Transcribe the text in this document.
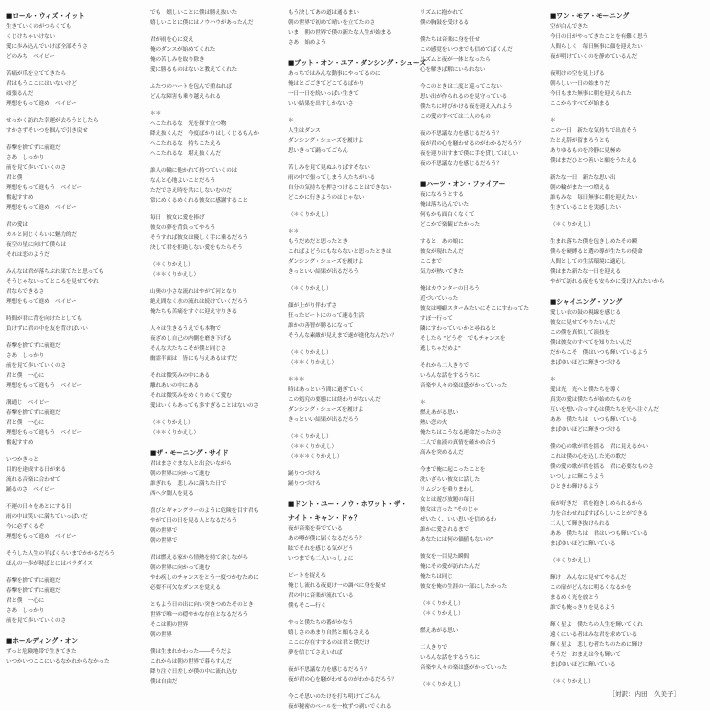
■ロール・ウィズ・イット
生きていくのがつらくても
くじけちゃいけない
愛に歩み込んでいけば全部そうさ
どのみち　ベイビー
苦痛が爪を立ててきたら
君はもうここにはいないけど
頑張るんだ
理想をもって進め　ベイビー
せっかく訪れた幸運が去ろうとしたら
すかさずそいつを掴んで引き戻せ
春撃を捨てずに前進だ
さあ　しっかり
前を見て歩いていくのさ
君と僕
理想をもって進もう　ベイビー
奮起すすめ
理想をもって進め　ベイビー
君の愛は
カルと同じくらいに魅力的だ
夜空の星に向けて僕らは
それは恋のようだ
みんなは君が落ちぶれ果てたと思っても
そうじゃないってところを見せてやれ
君ならできるさ
理想をもって進め　ベイビー
時間が君に背を向けたとしても
負けずに君の中を友を背けばいい
春撃を捨てずに前進だ
さあ　しっかり
前を見て歩いていくのさ
君と僕　一心に
理想をもって進もう　ベイビー
溝通じ　ベイビー
春撃を捨てずに前進だ
君と僕　一心に
理想をもって進もう　ベイビー
奮起すすめ
いつかきっと
目的を達成する日が来る
流れる音楽に合わせて
踊るのさ　ベイビー
不運の日々をあとにする日
雨の中は笑いに満ちていっぱいだ
今に必ずくるぞ
理想をもって進め　ベイビー
そうした人生の半ばくらいまでかかるだろう
ほんの一歩が時ばとにはパラダイス
春撃を捨てずに前進だ
春撃を捨てずに前進だ
君と僕　一心に
さあ　しっかり
前を見て歩いていくのさ
■ホールディング・オン
ずっと危険地帯で生きてきた
いつかいつここにいるなかれからなかった
でも　嬉しいことに僕は勝え抜いた
嬉しいことに僕にはノウハウがあったんだ
君が雨を心に変え
俺のダンスが始めてくれた
俺の苦しみを取り除き
愛に勝るものはないと教えてくれた
ふたつのハートを包んで重ねれば
どんな障害も乗り越えられる
＊＊
へこたれるな　光を探す立つ物
降え抜くんだ　今度ばかりはしくじるもんか
へこたれるな　持ちこたえろ
へこたれるな　堪え抜くんだ
誰人の輪に他かれて持つていくのは
なんと心地よいことだろう
ただでさえ時を共にしないむのだ
常にめくるめくれる彼女に感謝すること
毎日　彼女に愛を捧げ
彼女の夢を背負ってやろう
そうすれば彼女は優しく手に乗るだろう
決して君を拒絶しない愛をもたらそう
（＊くりかえし）
（＊＊くりかえし）
山奥の小さな流れはやがて河となり
絶え間なく水の流れは続けていくだろう
俺たちも苦痛をすぐに迎え守りきる
人々は生きるうえでも本物で
夜ざめし自己の内側を磨き下げる
そんな大たちこそが僕と同じさ
幽霊半面は　皆にも与えあるはずだ
それは微笑みの中にある
離れあいの中にある
それは微笑みをめくりめくて愛む
愛はいくらあっても多すぎることはないのさ
（＊くりかえし）
（＊＊くりかえし）
■ザ・モーニング・サイド
君はまさぐまな人と出会いながら
朝の世界に向かって進む
誰ぎれも　悲しみに満ちた日で
西へ夕闇人を見る
喜びとギャングラーのように危険を目す君も
やがて日の日を見る人となるだろう
朝の世界で
朝の世界で
君は燃える家から情熱を持て余しながら
朝の世界に向かって進む
やわ疾しのチャンスをとう一度つかむために
必要不可欠なダンスを覚える
ともよう日の出に向い突きつめたそのとき
世界で唯一の穏やかな存在となるだろう
そこは朝の世界
朝の世界
僕は生まれかわった――そうだよ
これからは朝の世界で暮らすんだ
降り注ぐ日差しが僕の中に流れ込む
僕は自由だ
もう決してあの道は通るまい
朝の世界で初めて晴いを立てたのさ
いま　朝の世界で僕の新たな人生が始まる
さあ　始めよう
■ブット・オン・ユア・ダンシング・シューズ
あっちではみんな動事にやってるのに
俺はとごごきてどこてるばかり
一日一日を続いっぱい生きて
いい結果を出すしかないさ
＊
人生はダンス
ダンシング・シューズを履けよ
思いきって踊ってごらん
苦しみを見て見ぬふりばすそない
雨の中で張ってしまう人たちがいる
自分の気持ちを押さつけることはできない
どこかに行きようのはじゃない
（＊くりかえし）
＊＊
もうだめだと思ったとき
こればよどうにもならないと思ったときは
ダンシング・シューズを履けよ
きっといい結果が出るだろう
（＊くりかえし）
顔が上がり伴わずさ
狂ったビートにのって速る生活
誰かの善智が勝るになって
そうんな素敵が見えまで遂が進化なんだい？
（＊くりかえし）
（＊＊くりかえし）
＊＊＊
時はあっという間に過ぎていく
この処究の要態には終わりがないんだ
ダンシング・シューズを履けよ
きっといい結果が出るだろう
（＊くりかえし）
（＊＊くりかえし）
（＊＊＊くりかえし）
踊りつづけろ
踊りつづけろ
■ドント・ユー・ノウ・ホワット・ザ・
ナイト・キャン・ドゥ？
夜が音楽を奏でている
あの噂が僕に届くなるだろう？
眩でそれを感じる気がどう
いつまでも二人いっしょに
ビートを捉えろ
俺じし流れる夜更け一の調べに身を捉せ
君の中に音楽が流れている
僕もそこ―行く
やっと僕たちの番がかなう
嬉しさのあまり自然と頬もさえる
ここに存在すするのは君と僕だけ
夢を信じてさえいれば
夜が不思議な力を感じるだろう？
夜が君の心を騒がわせるのがわかるだろう？
今こそ思いのたけを打ち明けてごらん
夜が秘密のベールを一枚ずつ剥いでくれる
リズムに抱かれて
僕の胸鼓を受けるる
僕たちは音楽に身を任せ
この感覚をいつまでも信めてばくんだ
リズムと夜が一体となったら
心を解きば解にいられない
今このときは二度と巡ってこない
思い出が作られるのを見守っている
僕たちに呼びかける夜を迎え入れよう
この愛のすべては二人のもの
夜の不思議な力を感じるだろう？
夜が君の心を騒わせるのがわかるだろう？
夜を迎り出すまで僕に手を貸してはしい
夜の不思議な力を感じるだろう？
■ハーツ・オン・ファイアー
夜になろうとする
俺は落ち込んでいた
何もかも面白くなくて
どこかで楽観ビたかった
すると　あの娘に
彼女が現れたんだ
ここまで
気力が熱いてきた
俺はカウンターの日ろう
近づいていった
彼女は唖癖スターみたいにそこにすわってた
すぼ一行って
隣にすわっていいかと尋ねると
そしたら "どうぞ　でもチャンスを
逃しちゃだめよ"
それから二人きりで
いろんな話をするうちに
音楽や人々の楽は盛がかっていった
＊
燃えあがる思い
熱い恋の火
俺たちはこうなる運命だったのさ
二人で血液の真情を確かめ合う
高みを突めるんだ
今まで俺に起こったことを
洗いざらい彼女に話した
リムジンを乗りまわし
女とは遊び放題の毎日
彼女は言った "そのじゃ
ぜいたく、いい思いを信めるわ
誰かに愛されるまで
あなたには何の価値もないの"
彼女を一目見た瞬間
俺にその愛が訪れたんだ
俺たちは同じ
彼女を俺の生涯の一部にしたかった
（＊くりかえし）
（＊くりかえし）
燃えあがる思い
二人きりで
いろんな話をするうちに
音楽や人々の楽は盛がかっていった
（＊くりかえし）
■ワン・モア・モーニング
空が白んできた
今日の日がやってきたことを有難く思う
人間らしく　毎日無事に顔を迎えたい
夜が明けていくのを静めているんだ
夜明けの空を見上げる
朝らしい一日の始まりだ
今日もまた無事に朝を迎えられた
ここからすべてが始まる
＊
この一日　新たな気持ちで出直そう
たとえ辞が留まろうとも
ありゆるものを冷静に見極め
僕はまだひとつ善いと願をうたえる
新たな一日　新たな思い出
朝の輪がまた一つ増える
誰もみな　毎日無事に朝を迎えたい
生きていることを実感したい
（＊くりかえし）
生まれ落ちた僕を包きしめたその瞬
僕らを硬縛ると選の導が生たちの使命
人間としての生活環境に適応し
僕はまた新たな一日を迎える
やがて訪れる夜をも安らかに受け入れたいから
■シャイニング・ソング
愛しい衣の鼓の視線を感じる
彼女に見せてやりたいんだ
この僕を真似して演技を
僕は彼女のすべてを知りたいんだ
だからこそ　僕はいつも輝いているよう
まばゆいほどに輝きつづける
＊
愛は光　光へと僕たちを導く
真実の愛は僕たちが始めたものを
互いを想い合っす心は僕たちを光へ注ぐんだ
ああ　僕たちは　いつも輝いている
まばゆいほどに輝きつづける
僕の心の歌が君を揺る　君に見えるかい
これは僕の心を込した光の歌だ
僕の愛の歌が君を揺る　君に必要なものさ
いつしょに輝こうよう
ひときわ輝けるよう
夜が好きだ　君を抱きしめられるから
力を合わせればすばらしいことができる
二人して輝き抜けられる
ああ　僕たちは　君はいつも輝いている
まばゆいほどに輝いている
（＊くりかえし）
輝け　みんなに見せてやるんだ
この扉がどんなに明るくなるかを
まるめく光を放とう
誰でも俺っきりを見るよう
輝く星よ　僕たちの人生を輝いてくれ
遠くにいる者はみな君を求めている
輝く星よ　悲しむ者たちのために輝け
そうだ　おまえは今も輝いて
まばゆいほどに輝いている
（＊くりかえし）
［対訳：内田　久美子］
